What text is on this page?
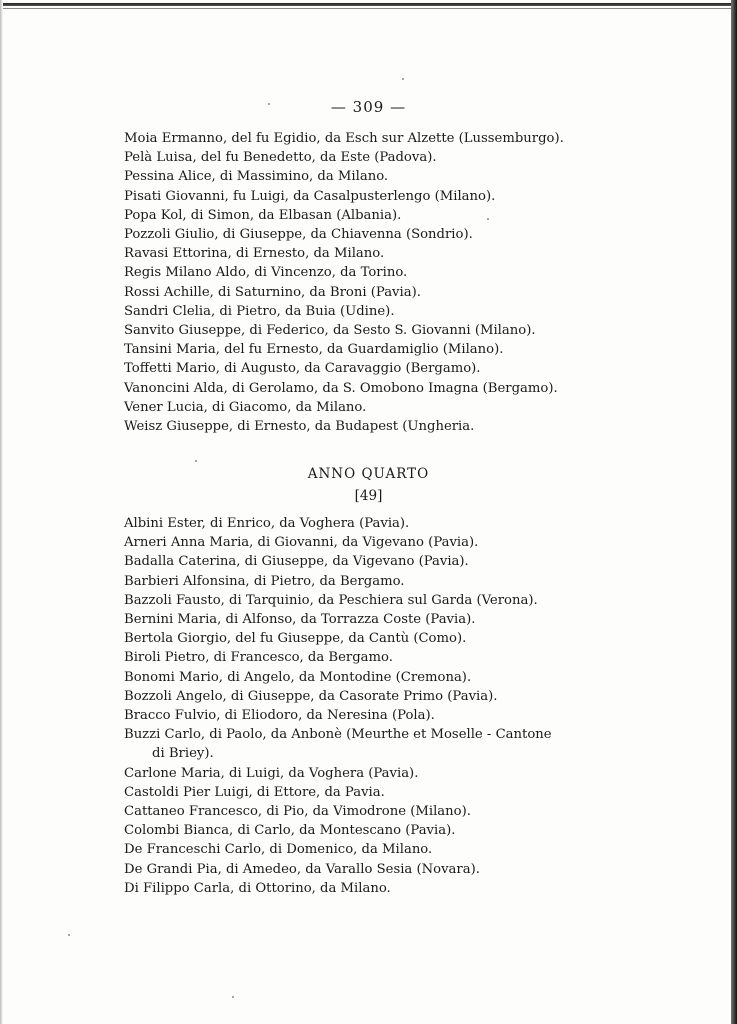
— 309 —
Moia Ermanno, del fu Egidio, da Esch sur Alzette (Lussemburgo).
Pelà Luisa, del fu Benedetto, da Este (Padova).
Pessina Alice, di Massimino, da Milano.
Pisati Giovanni, fu Luigi, da Casalpusterlengo (Milano).
Popa Kol, di Simon, da Elbasan (Albania).
Pozzoli Giulio, di Giuseppe, da Chiavenna (Sondrio).
Ravasi Ettorina, di Ernesto, da Milano.
Regis Milano Aldo, di Vincenzo, da Torino.
Rossi Achille, di Saturnino, da Broni (Pavia).
Sandri Clelia, di Pietro, da Buia (Udine).
Sanvito Giuseppe, di Federico, da Sesto S. Giovanni (Milano).
Tansini Maria, del fu Ernesto, da Guardamiglio (Milano).
Toffetti Mario, di Augusto, da Caravaggio (Bergamo).
Vanoncini Alda, di Gerolamo, da S. Omobono Imagna (Bergamo).
Vener Lucia, di Giacomo, da Milano.
Weisz Giuseppe, di Ernesto, da Budapest (Ungheria.
ANNO QUARTO
[49]
Albini Ester, di Enrico, da Voghera (Pavia).
Arneri Anna Maria, di Giovanni, da Vigevano (Pavia).
Badalla Caterina, di Giuseppe, da Vigevano (Pavia).
Barbieri Alfonsina, di Pietro, da Bergamo.
Bazzoli Fausto, di Tarquinio, da Peschiera sul Garda (Verona).
Bernini Maria, di Alfonso, da Torrazza Coste (Pavia).
Bertola Giorgio, del fu Giuseppe, da Cantù (Como).
Biroli Pietro, di Francesco, da Bergamo.
Bonomi Mario, di Angelo, da Montodine (Cremona).
Bozzoli Angelo, di Giuseppe, da Casorate Primo (Pavia).
Bracco Fulvio, di Eliodoro, da Neresina (Pola).
Buzzi Carlo, di Paolo, da Anbonè (Meurthe et Moselle - Cantone
di Briey).
Carlone Maria, di Luigi, da Voghera (Pavia).
Castoldi Pier Luigi, di Ettore, da Pavia.
Cattaneo Francesco, di Pio, da Vimodrone (Milano).
Colombi Bianca, di Carlo, da Montescano (Pavia).
De Franceschi Carlo, di Domenico, da Milano.
De Grandi Pia, di Amedeo, da Varallo Sesia (Novara).
Di Filippo Carla, di Ottorino, da Milano.
